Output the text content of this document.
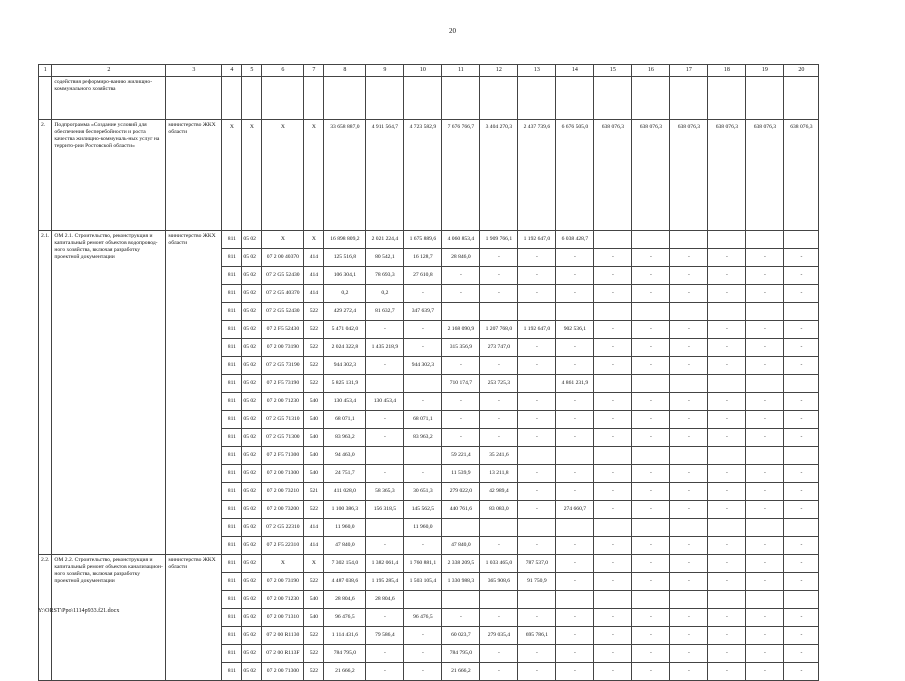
20
1	2	3	4	5	6	7	8	9	10	11	12	13	14	15	16	17	18	19	20
	содействия реформиро-ванию жилищно-коммунального хозяйства																		
2.	Подпрограмма «Создание условий для обеспечения бесперебойности и роста качества жилищно-коммуналь-ных услуг на террито-рии Ростовской области»	министерство ЖКХ области	X	X	X	X	33 658 887,0	4 911 564,7	4 723 582,9	7 676 766,7	3 404 270,3	2 437 739,6	6 676 505,0	638 076,3	638 076,3	638 076,3	638 076,3	638 076,3	638 076,3
2.1.	ОМ 2.1. Строительство, реконструкция и капитальный ремонт объектов водопровод-ного хозяйства, включая разработку проектной документации	министерство ЖКХ области	811	05 02	X	X	16 898 809,2	2 021 224,4	1 675 889,6	4 060 853,4	1 909 766,1	1 192 647,0	6 038 428,7						
			811	05 02	07 2 00 40370	414	125 516,8	80 542,1	16 128,7	28 846,0	-	-	-	-	-	-	-	-	-
			811	05 02	07 2 G5 52430	414	106 304,1	78 693,3	27 610,8	-	-	-	-	-	-	-	-	-	-
			811	05 02	07 2 G5 40370	414	0,2	0,2	-	-	-	-	-	-	-	-	-	-	-
			811	05 02	07 2 G5 52430	522	429 272,4	81 632,7	347 639,7										
			811	05 02	07 2 F5 52430	522	5 471 042,0	-	-	2 168 090,9	1 207 768,0	1 192 647,0	902 536,1	-	-	-	-	-	-
			811	05 02	07 2 00 73190	522	2 024 322,8	1 435 218,9	-	315 356,9	273 747,0	-	-	-	-	-	-	-	-
			811	05 02	07 2 G5 73190	522	944 302,3	-	944 302,3	-	-	-	-	-	-	-	-	-	-
			811	05 02	07 2 F5 73190	522	5 825 131,9			710 174,7	253 725,3		4 861 231,9						
			811	05 02	07 2 00 71230	540	130 453,4	130 453,4	-	-	-	-	-	-	-	-	-	-	-
			811	05 02	07 2 G5 71310	540	68 071,1	-	68 071,1	-	-	-	-	-	-	-	-	-	-
			811	05 02	07 2 G5 71300	540	83 963,2	-	83 963,2	-	-	-	-	-	-	-	-	-	-
			811	05 02	07 2 F5 71300	540	94 463,0			59 221,4	35 241,6								
			811	05 02	07 2 00 71300	540	24 751,7	-	-	11 539,9	13 211,8	-	-	-	-	-	-	-	-
			811	05 02	07 2 00 73210	521	411 028,0	58 365,3	30 651,3	279 022,0	42 989,4	-	-	-	-	-	-	-	-
			811	05 02	07 2 00 73200	522	1 100 386,3	156 318,5	145 562,5	440 761,6	83 083,0	-	274 660,7	-	-	-	-	-	-
			811	05 02	07 2 G5 22310	414	11 960,0		11 960,0										
			811	05 02	07 2 F5 22310	414	47 840,0	-	-	47 840,0	-	-	-	-	-	-	-	-	-
2.2.	ОМ 2.2. Строительство, реконструкция и капитальный ремонт объектов канализацион-ного хозяйства, включая разработку проектной документации	министерство ЖКХ области	811	05 02	X	X	7 302 154,0	1 382 061,4	1 760 881,1	2 338 209,5	1 033 465,0	787 537,0	-	-	-	-	-	-	-
			811	05 02	07 2 00 73190	522	4 487 038,6	1 195 285,4	1 503 105,4	1 330 988,3	365 908,6	91 750,9	-	-	-	-	-	-	-
			811	05 02	07 2 00 71230	540	28 804,6	28 804,6											
			811	05 02	07 2 00 71310	540	96 476,5	-	96 476,5	-	-	-	-	-	-	-	-	-	-
			811	05 02	07 2 00 R1130	522	1 114 431,6	79 586,4	-	60 023,7	279 035,4	695 786,1	-	-	-	-	-	-	-
			811	05 02	07 2 00 R113F	522	784 795,0	-	-	784 795,0	-	-	-	-	-	-	-	-	-
			811	05 02	07 2 00 71300	522	21 666,2	-	-	21 666,2	-	-	-	-	-	-	-	-	-
Y:\ORST\Ppo\1114p933.f21.docx
